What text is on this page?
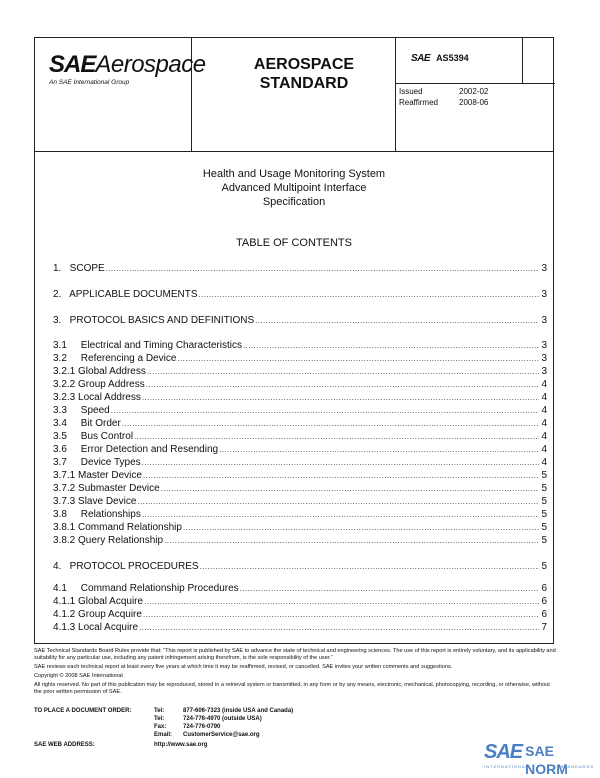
SAEAerospace
An SAE International Group
AEROSPACE
STANDARD
SAE AS5394
Issued	2002-02
Reaffirmed	2008-06
Health and Usage Monitoring System
Advanced Multipoint Interface
Specification
TABLE OF CONTENTS
1.   SCOPE .....	3
2.   APPLICABLE DOCUMENTS .....	3
3.   PROTOCOL BASICS AND DEFINITIONS .....	3
3.1     Electrical and Timing Characteristics .....	3
3.2     Referencing a Device .....	3
3.2.1 Global Address .....	3
3.2.2 Group Address .....	4
3.2.3 Local Address .....	4
3.3     Speed .....	4
3.4     Bit Order .....	4
3.5     Bus Control .....	4
3.6     Error Detection and Resending .....	4
3.7     Device Types .....	4
3.7.1 Master Device .....	5
3.7.2 Submaster Device .....	5
3.7.3 Slave Device .....	5
3.8     Relationships .....	5
3.8.1 Command Relationship .....	5
3.8.2 Query Relationship .....	5
4.   PROTOCOL PROCEDURES .....	5
4.1     Command Relationship Procedures .....	6
4.1.1 Global Acquire .....	6
4.1.2 Group Acquire .....	6
4.1.3 Local Acquire .....	7

SAE Technical Standards Board Rules provide that: “This report is published by SAE to advance the state of technical and engineering sciences. The use of this report is entirely voluntary, and its applicability and suitability for any particular use, including any patent infringement arising therefrom, is the sole responsibility of the user.”

SAE reviews each technical report at least every five years at which time it may be reaffirmed, revised, or cancelled. SAE invites your written comments and suggestions.

Copyright © 2008 SAE International

All rights reserved. No part of this publication may be reproduced, stored in a retrieval system or transmitted, in any form or by any means, electronic, mechanical, photocopying, recording, or otherwise, without the prior written permission of SAE.

TO PLACE A DOCUMENT ORDER:	Tel:	877-606-7323 (inside USA and Canada)
Tel:	724-776-4970 (outside USA)
Fax:	724-776-0790
Email:	CustomerService@sae.org
SAE WEB ADDRESS:	http://www.sae.org	SAE SAE NORM
INTERNATIONAL	STANDARDS
